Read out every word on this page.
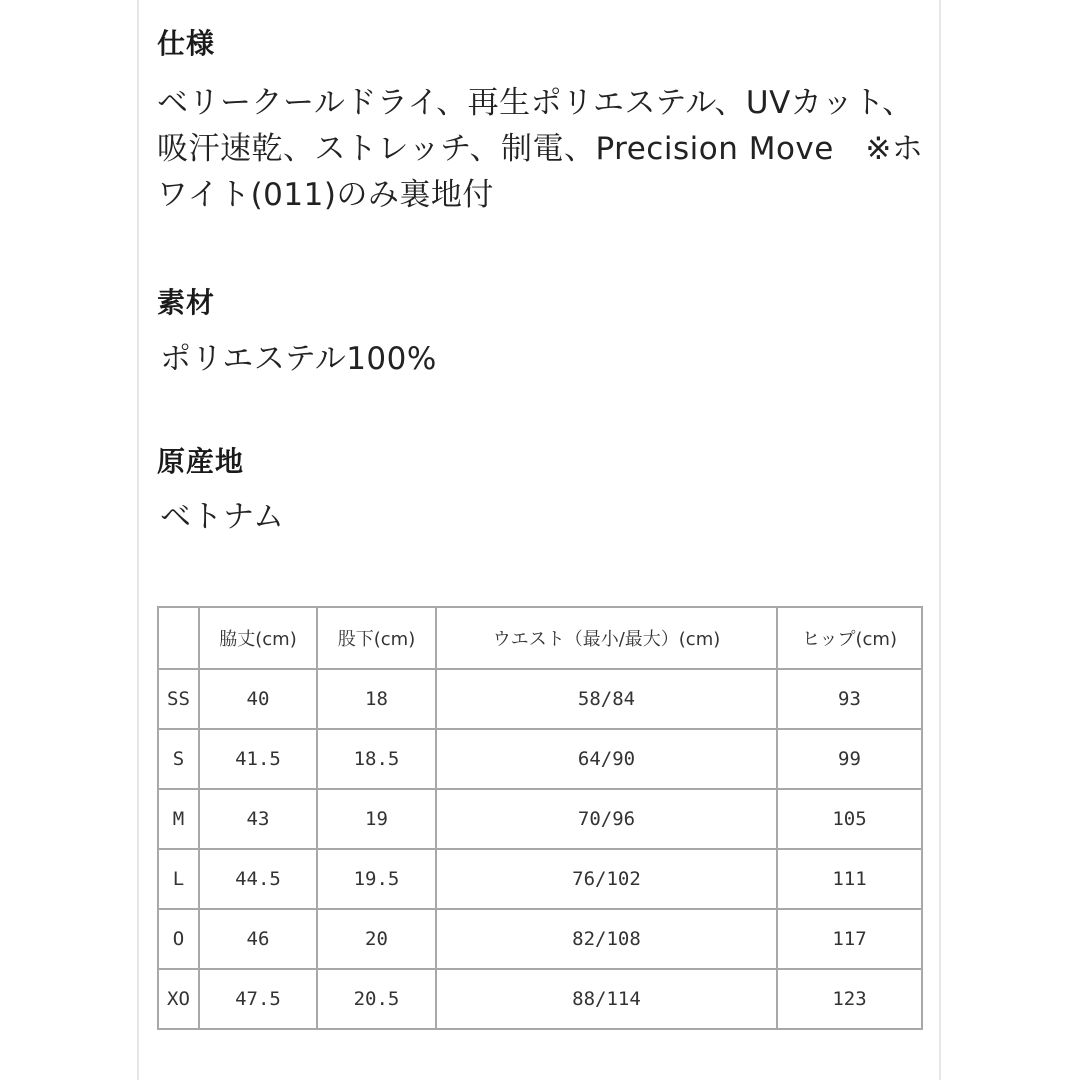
仕様
ベリークールドライ、再生ポリエステル、UVカット、
吸汗速乾、ストレッチ、制電、Precision Move　※ホ
ワイト(011)のみ裏地付
素材
ポリエステル100%
原産地
ベトナム
	脇丈(cm)	股下(cm)	ウエスト（最小/最大）(cm)	ヒップ(cm)
SS	40	18	58/84	93
S	41.5	18.5	64/90	99
M	43	19	70/96	105
L	44.5	19.5	76/102	111
O	46	20	82/108	117
XO	47.5	20.5	88/114	123
